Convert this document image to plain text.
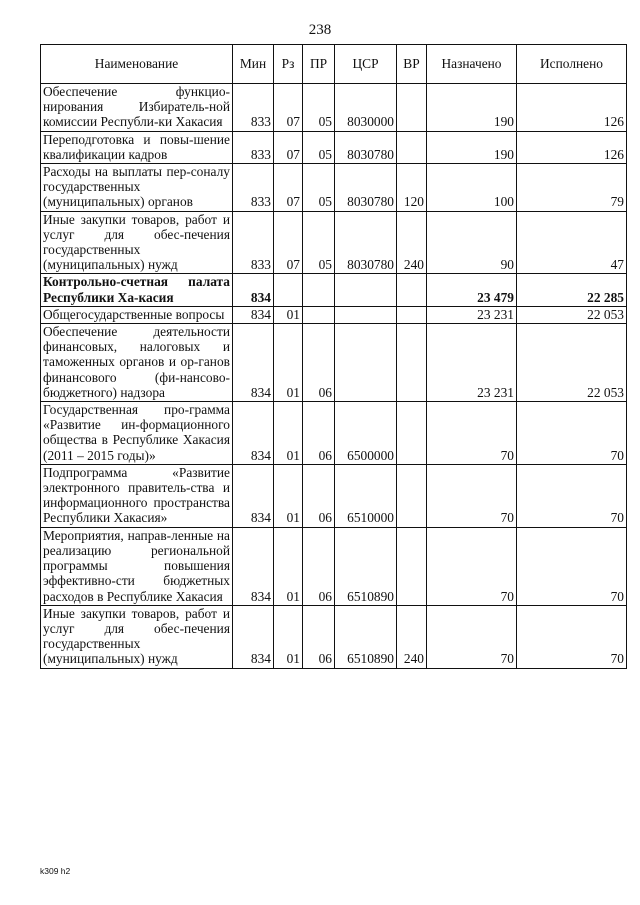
238
Наименование	Мин	Рз	ПР	ЦСР	ВР	Назначено	Исполнено
Обеспечение функцио-нирования Избиратель-ной комиссии Республи-ки Хакасия	833	07	05	8030000		190	126
Переподготовка и повы-шение квалификации кадров	833	07	05	8030780		190	126
Расходы на выплаты пер-соналу государственных (муниципальных) органов	833	07	05	8030780	120	100	79
Иные закупки товаров, работ и услуг для обес-печения государственных (муниципальных) нужд	833	07	05	8030780	240	90	47
Контрольно-счетная палата Республики Ха-касия	834					23 479	22 285
Общегосударственные вопросы	834	01				23 231	22 053
Обеспечение деятельности финансовых, налоговых и таможенных органов и ор-ганов финансового (фи-нансово-бюджетного) надзора	834	01	06			23 231	22 053
Государственная про-грамма «Развитие ин-формационного общества в Республике Хакасия (2011 – 2015 годы)»	834	01	06	6500000		70	70
Подпрограмма «Развитие электронного правитель-ства и информационного пространства Республики Хакасия»	834	01	06	6510000		70	70
Мероприятия, направ-ленные на реализацию региональной программы повышения эффективно-сти бюджетных расходов в Республике Хакасия	834	01	06	6510890		70	70
Иные закупки товаров, работ и услуг для обес-печения государственных (муниципальных) нужд	834	01	06	6510890	240	70	70
k309 h2
